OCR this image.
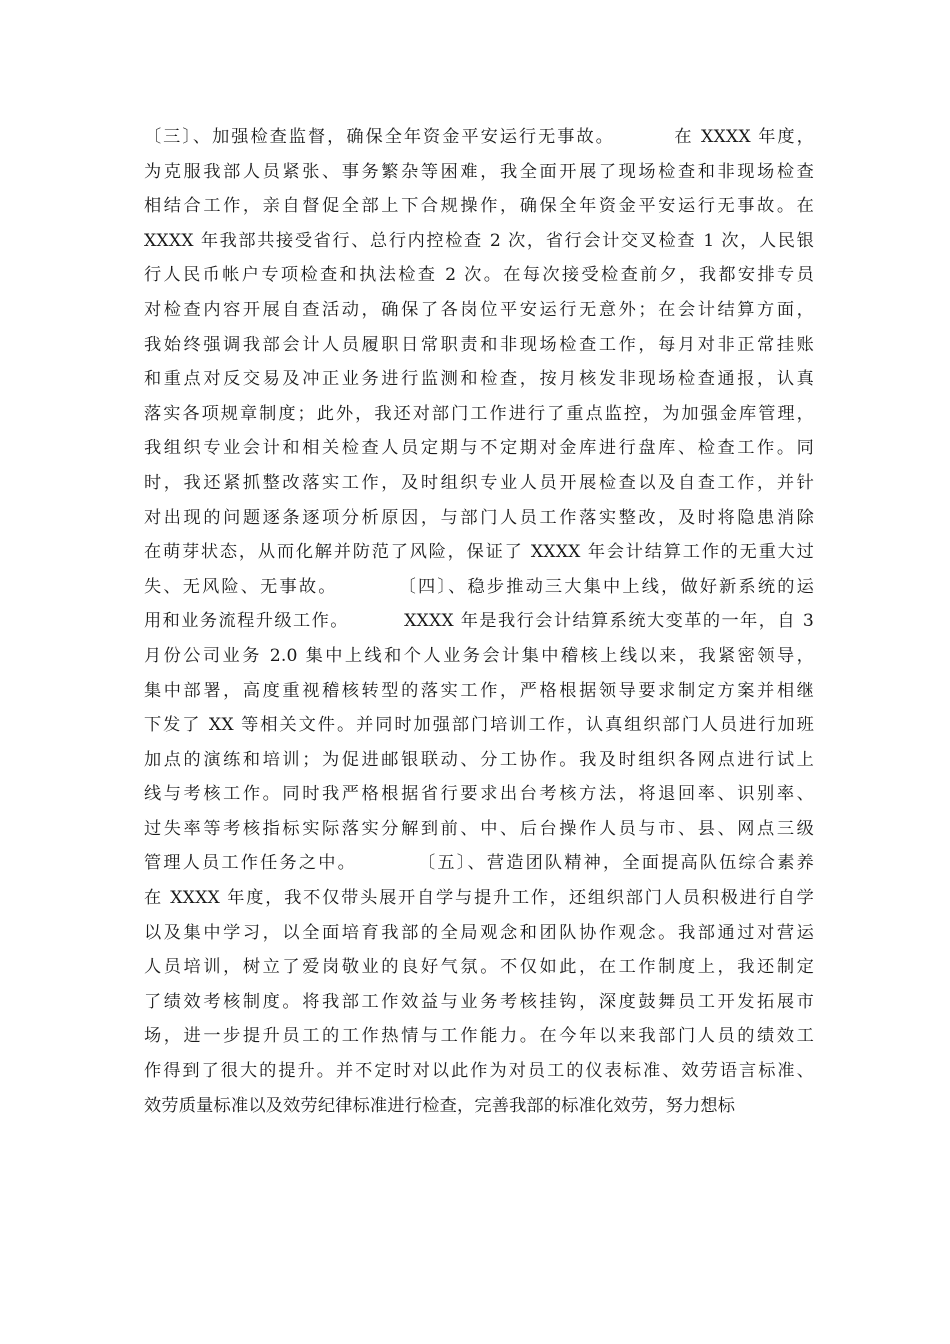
〔三〕、加强检查监督，确保全年资金平安运行无事故。        在 XXXX 年度，
为克服我部人员紧张、事务繁杂等困难，我全面开展了现场检查和非现场检查
相结合工作，亲自督促全部上下合规操作，确保全年资金平安运行无事故。在
XXXX 年我部共接受省行、总行内控检查 2 次，省行会计交叉检查 1 次，人民银
行人民币帐户专项检查和执法检查 2 次。在每次接受检查前夕，我都安排专员
对检查内容开展自查活动，确保了各岗位平安运行无意外；在会计结算方面，
我始终强调我部会计人员履职日常职责和非现场检查工作，每月对非正常挂账
和重点对反交易及冲正业务进行监测和检查，按月核发非现场检查通报，认真
落实各项规章制度；此外，我还对部门工作进行了重点监控，为加强金库管理，
我组织专业会计和相关检查人员定期与不定期对金库进行盘库、检查工作。同
时，我还紧抓整改落实工作，及时组织专业人员开展检查以及自查工作，并针
对出现的问题逐条逐项分析原因，与部门人员工作落实整改，及时将隐患消除
在萌芽状态，从而化解并防范了风险，保证了 XXXX 年会计结算工作的无重大过
失、无风险、无事故。        〔四〕、稳步推动三大集中上线，做好新系统的运
用和业务流程升级工作。        XXXX 年是我行会计结算系统大变革的一年，自 3
月份公司业务 2.0 集中上线和个人业务会计集中稽核上线以来，我紧密领导，
集中部署，高度重视稽核转型的落实工作，严格根据领导要求制定方案并相继
下发了 XX 等相关文件。并同时加强部门培训工作，认真组织部门人员进行加班
加点的演练和培训；为促进邮银联动、分工协作。我及时组织各网点进行试上
线与考核工作。同时我严格根据省行要求出台考核方法，将退回率、识别率、
过失率等考核指标实际落实分解到前、中、后台操作人员与市、县、网点三级
管理人员工作任务之中。        〔五〕、营造团队精神，全面提高队伍综合素养
在 XXXX 年度，我不仅带头展开自学与提升工作，还组织部门人员积极进行自学
以及集中学习，以全面培育我部的全局观念和团队协作观念。我部通过对营运
人员培训，树立了爱岗敬业的良好气氛。不仅如此，在工作制度上，我还制定
了绩效考核制度。将我部工作效益与业务考核挂钩，深度鼓舞员工开发拓展市
场，进一步提升员工的工作热情与工作能力。在今年以来我部门人员的绩效工
作得到了很大的提升。并不定时对以此作为对员工的仪表标准、效劳语言标准、
效劳质量标准以及效劳纪律标准进行检查，完善我部的标准化效劳，努力想标
